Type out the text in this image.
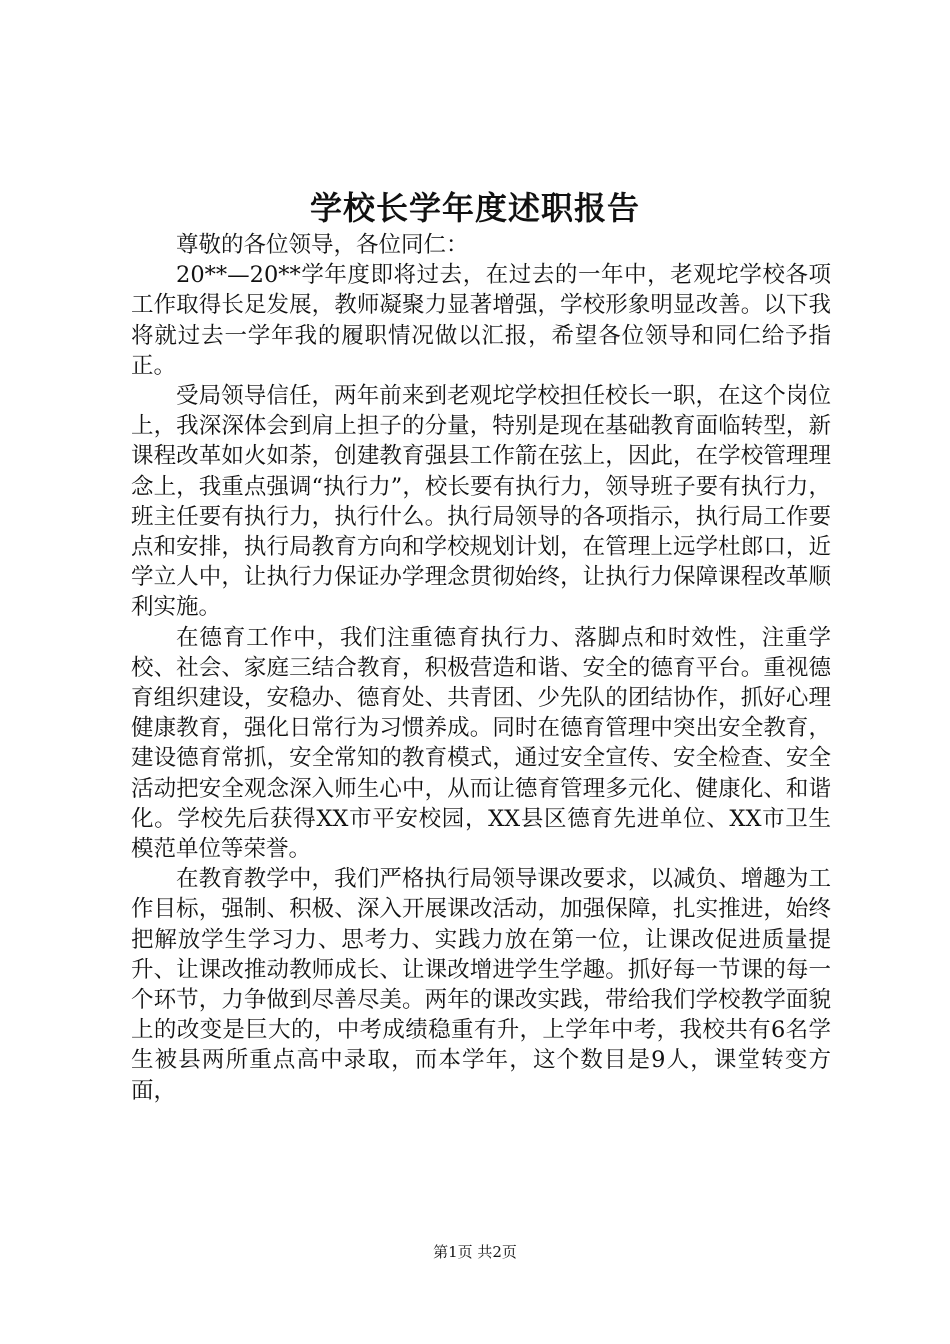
学校长学年度述职报告

尊敬的各位领导，各位同仁：

20**—20**学年度即将过去，在过去的一年中，老观坨学校各项工作取得长足发展，教师凝聚力显著增强，学校形象明显改善。以下我将就过去一学年我的履职情况做以汇报，希望各位领导和同仁给予指正。

受局领导信任，两年前来到老观坨学校担任校长一职，在这个岗位上，我深深体会到肩上担子的分量，特别是现在基础教育面临转型，新课程改革如火如荼，创建教育强县工作箭在弦上，因此，在学校管理理念上，我重点强调“执行力”，校长要有执行力，领导班子要有执行力，班主任要有执行力，执行什么。执行局领导的各项指示，执行局工作要点和安排，执行局教育方向和学校规划计划，在管理上远学杜郎口，近学立人中，让执行力保证办学理念贯彻始终，让执行力保障课程改革顺利实施。

在德育工作中，我们注重德育执行力、落脚点和时效性，注重学校、社会、家庭三结合教育，积极营造和谐、安全的德育平台。重视德育组织建设，安稳办、德育处、共青团、少先队的团结协作，抓好心理健康教育，强化日常行为习惯养成。同时在德育管理中突出安全教育，建设德育常抓，安全常知的教育模式，通过安全宣传、安全检查、安全活动把安全观念深入师生心中，从而让德育管理多元化、健康化、和谐化。学校先后获得XX市平安校园，XX县区德育先进单位、XX市卫生模范单位等荣誉。

在教育教学中，我们严格执行局领导课改要求，以减负、增趣为工作目标，强制、积极、深入开展课改活动，加强保障，扎实推进，始终把解放学生学习力、思考力、实践力放在第一位，让课改促进质量提升、让课改推动教师成长、让课改增进学生学趣。抓好每一节课的每一个环节，力争做到尽善尽美。两年的课改实践，带给我们学校教学面貌上的改变是巨大的，中考成绩稳重有升，上学年中考，我校共有6名学生被县两所重点高中录取，而本学年，这个数目是9人，课堂转变方面，

第1页 共2页
